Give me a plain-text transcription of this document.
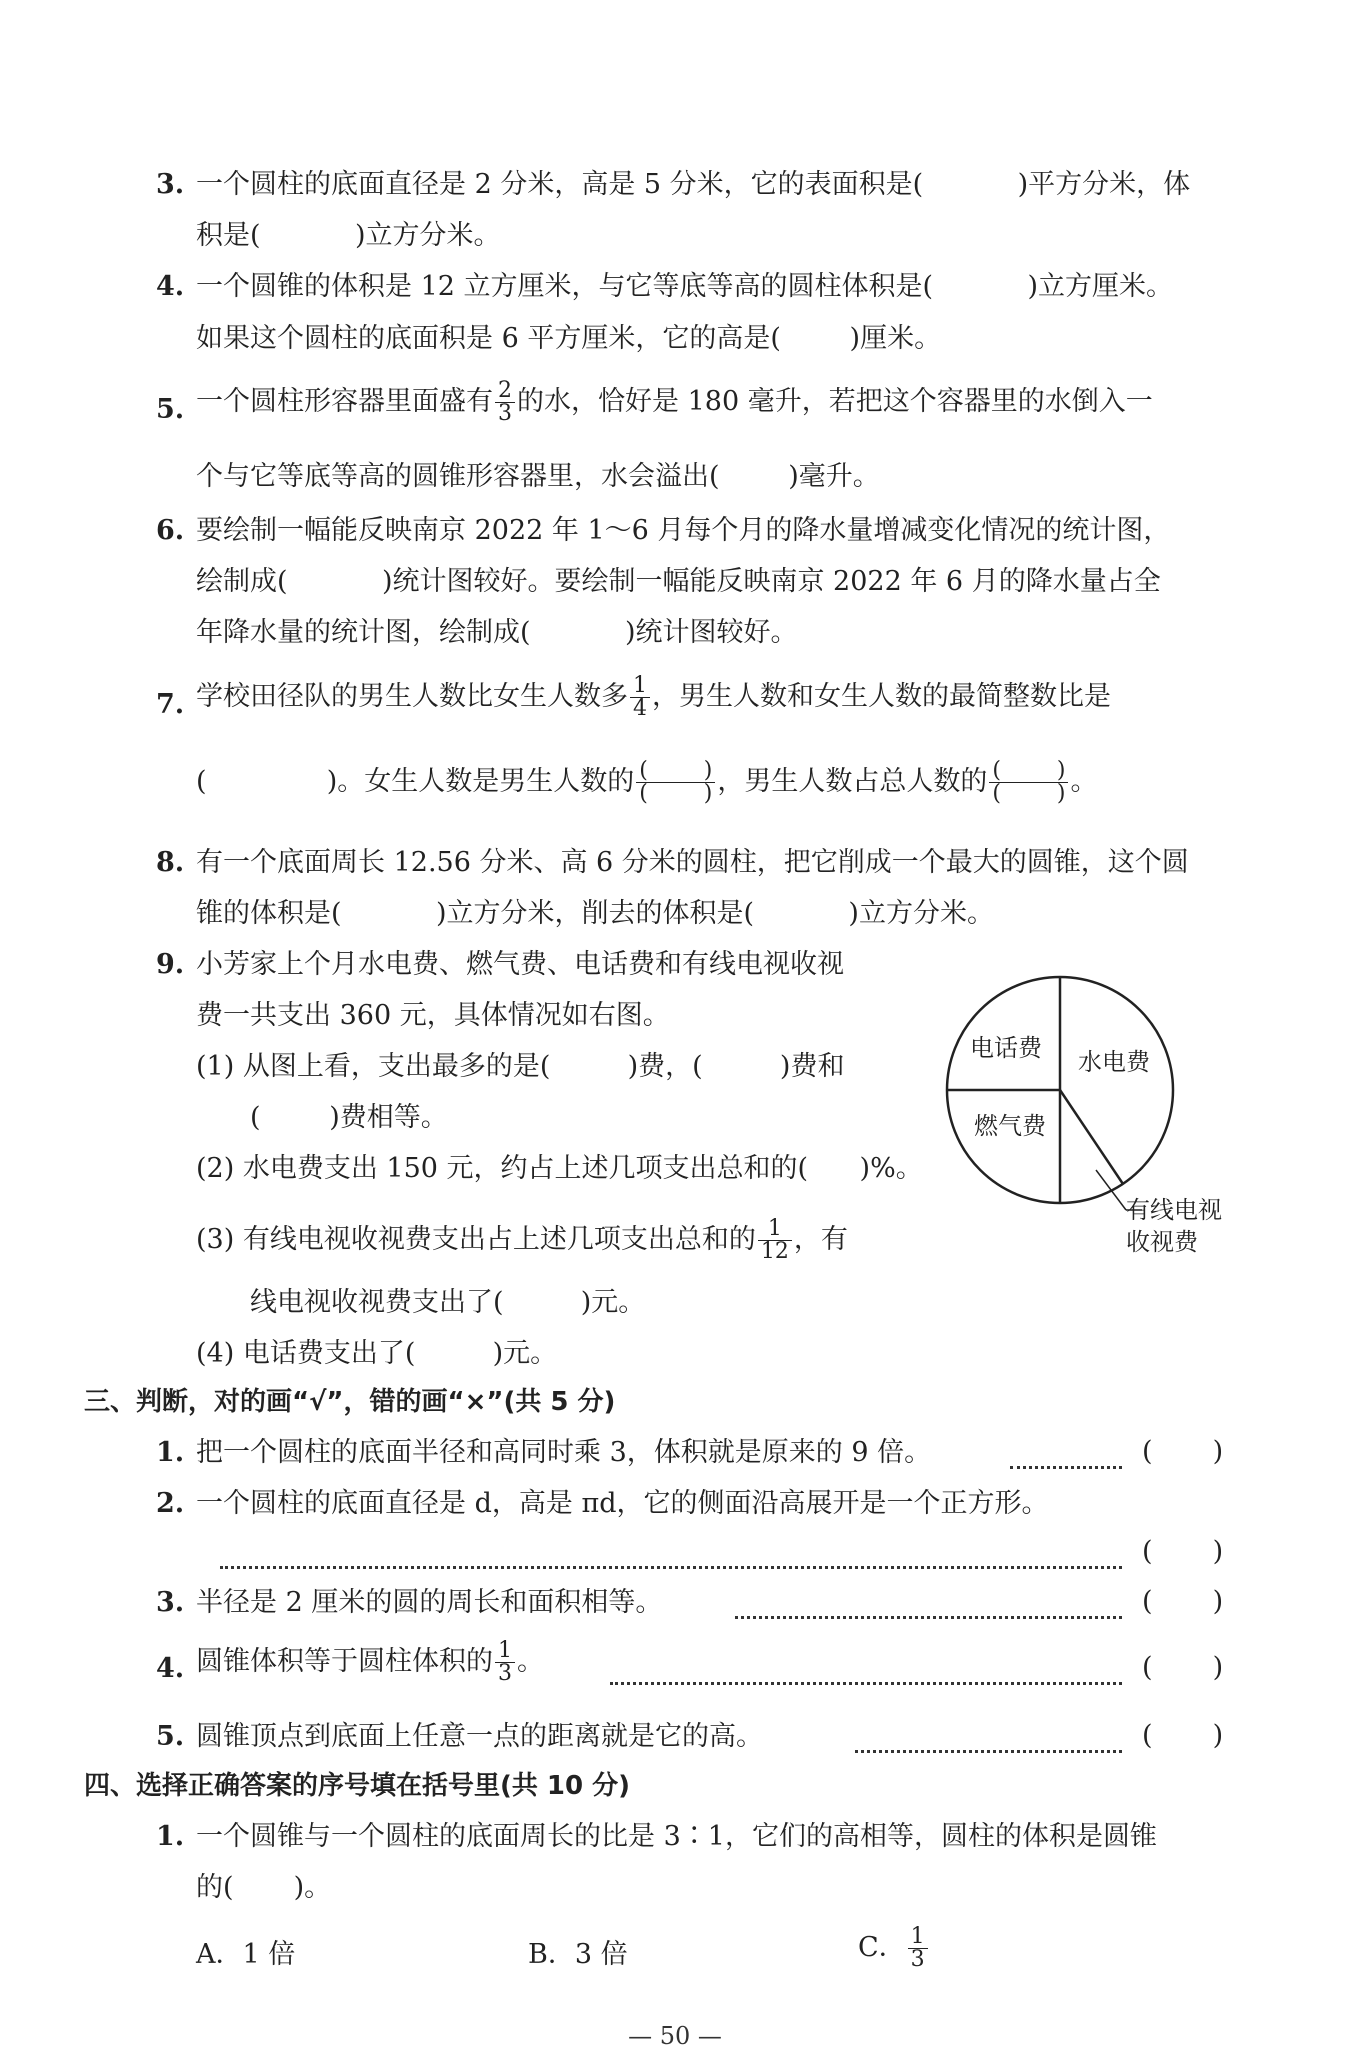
3. 一个圆柱的底面直径是 2 分米，高是 5 分米，它的表面积是(           )平方分米，体
积是(           )立方分米。
4. 一个圆锥的体积是 12 立方厘米，与它等底等高的圆柱体积是(           )立方厘米。
如果这个圆柱的底面积是 6 平方厘米，它的高是(        )厘米。
5. 一个圆柱形容器里面盛有 $\frac{2}{3}$ 的水，恰好是 180 毫升，若把这个容器里的水倒入一
个与它等底等高的圆锥形容器里，水会溢出(        )毫升。
6. 要绘制一幅能反映南京 2022 年 1～6 月每个月的降水量增减变化情况的统计图，
绘制成(           )统计图较好。要绘制一幅能反映南京 2022 年 6 月的降水量占全
年降水量的统计图，绘制成(           )统计图较好。
7. 学校田径队的男生人数比女生人数多 $\frac{1}{4}$ ，男生人数和女生人数的最简整数比是
(              )。女生人数是男生人数的 $\frac{( )}{( )}$ ，男生人数占总人数的 $\frac{( )}{( )}$ 。
8. 有一个底面周长 12.56 分米、高 6 分米的圆柱，把它削成一个最大的圆锥，这个圆
锥的体积是(           )立方分米，削去的体积是(           )立方分米。
9. 小芳家上个月水电费、燃气费、电话费和有线电视收视
费一共支出 360 元，具体情况如右图。
(1) 从图上看，支出最多的是(         )费，(         )费和
(        )费相等。
(2) 水电费支出 150 元，约占上述几项支出总和的(      )%。
(3) 有线电视收视费支出占上述几项支出总和的 $\frac{1}{12}$ ，有
线电视收视费支出了(         )元。
(4) 电话费支出了(         )元。
电话费 水电费
燃气费
有线电视
收视费
三、判断，对的画“√”，错的画“×”(共 5 分)
1. 把一个圆柱的底面半径和高同时乘 3，体积就是原来的 9 倍。	(       )
2. 一个圆柱的底面直径是 d，高是 πd，它的侧面沿高展开是一个正方形。
(       )
3. 半径是 2 厘米的圆的周长和面积相等。	(       )
4. 圆锥体积等于圆柱体积的 $\frac{1}{3}$ 。	(       )
5. 圆锥顶点到底面上任意一点的距离就是它的高。	(       )
四、选择正确答案的序号填在括号里(共 10 分)
1. 一个圆锥与一个圆柱的底面周长的比是 3∶1，它们的高相等，圆柱的体积是圆锥
的(       )。
A．1 倍	B．3 倍	C． $\frac{1}{3}$
— 50 —
